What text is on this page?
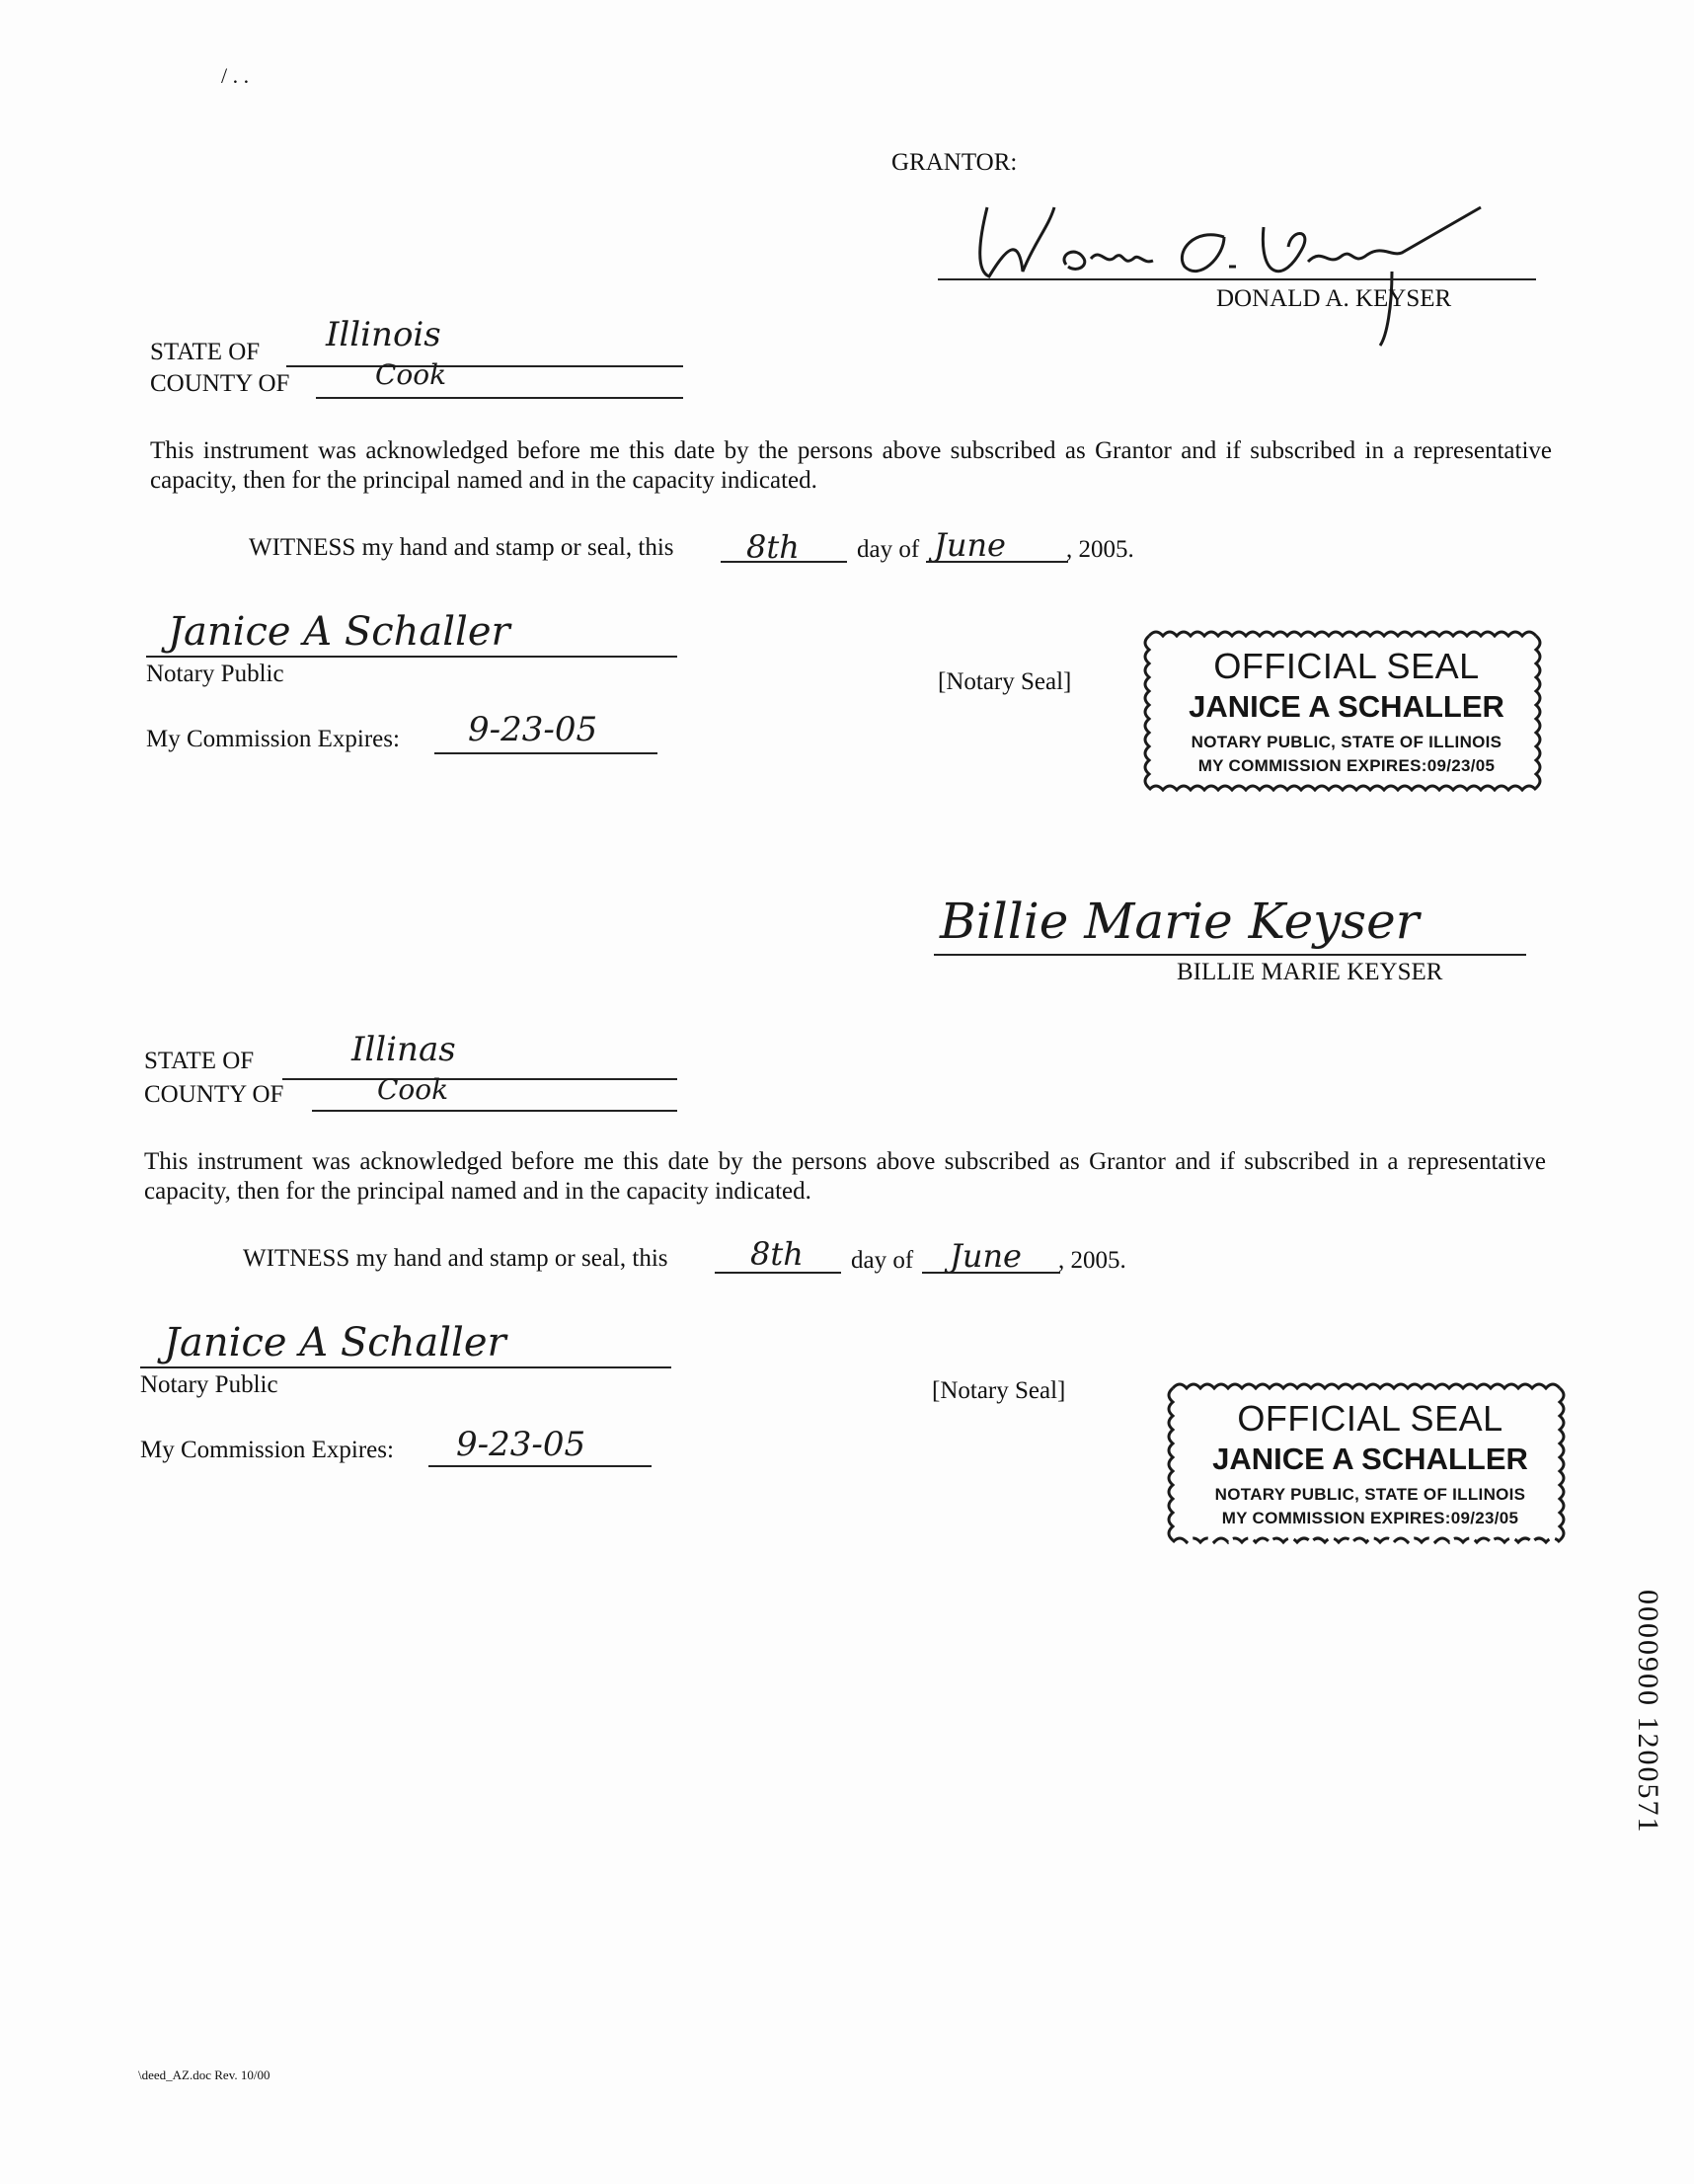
/ . .
GRANTOR:
DONALD A. KEYSER
STATE OF Illinois
COUNTY OF	Cook
This instrument was acknowledged before me this date by the persons above subscribed as Grantor and if subscribed in a representative capacity, then for the principal named and in the capacity indicated.
WITNESS my hand and stamp or seal, this 8th day of June , 2005.
Janice A Schaller
Notary Public	[Notary Seal]
My Commission Expires: 9-23-05
OFFICIAL SEAL
JANICE A SCHALLER
NOTARY PUBLIC, STATE OF ILLINOIS
MY COMMISSION EXPIRES:09/23/05
Billie Marie Keyser
BILLIE MARIE KEYSER
STATE OF	Illinas
COUNTY OF	Cook
This instrument was acknowledged before me this date by the persons above subscribed as Grantor and if subscribed in a representative capacity, then for the principal named and in the capacity indicated.
WITNESS my hand and stamp or seal, this	8th day of June , 2005.
Janice A Schaller
Notary Public	[Notary Seal]
My Commission Expires: 9-23-05
OFFICIAL SEAL
JANICE A SCHALLER
NOTARY PUBLIC, STATE OF ILLINOIS
MY COMMISSION EXPIRES:09/23/05
0000900 1200571
\deed_AZ.doc Rev. 10/00
